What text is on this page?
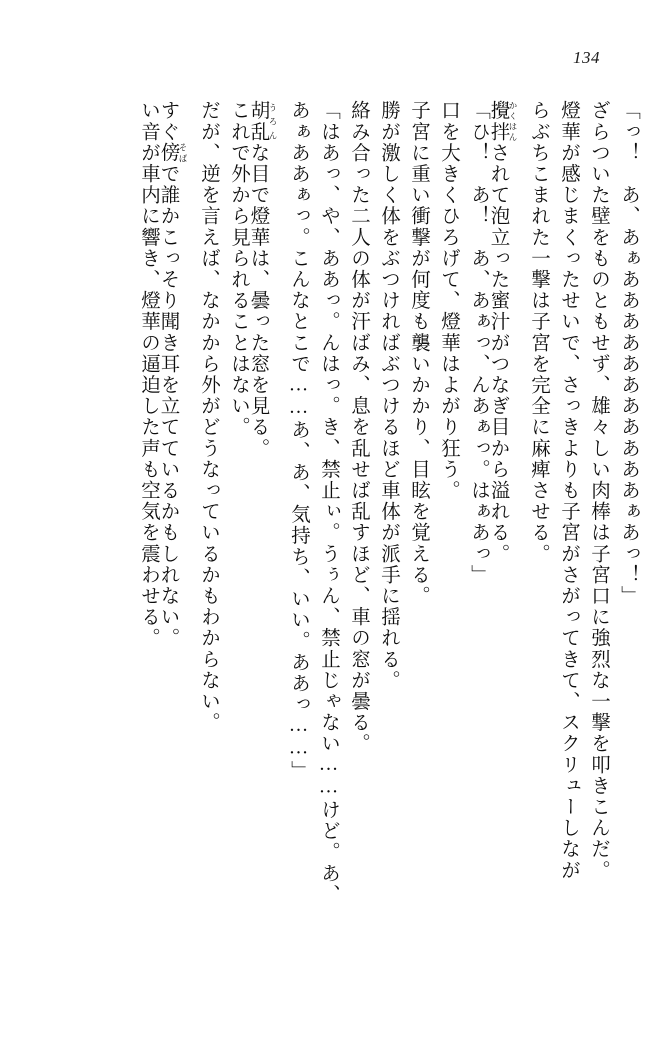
134
「っ！　あ、あぁあああああああああああぁあっ！」
ざらついた壁をものともせず、雄々しい肉棒は子宮口に強烈な一撃を叩きこんだ。
燈華が感じまくったせいで、さっきよりも子宮がさがってきて、スクリューしなが
らぶちこまれた一撃は子宮を完全に麻痺させる。
攪拌 かくはんされて泡立った蜜汁がつなぎ目から溢れる。
「ひ！　あ！　あ、あぁっ、んあぁっ。はぁあっ」
口を大きくひろげて、燈華はよがり狂う。
子宮に重い衝撃が何度も襲いかかり、目眩を覚える。
勝が激しく体をぶつければぶつけるほど車体が派手に揺れる。
絡み合った二人の体が汗ばみ、息を乱せば乱すほど、車の窓が曇る。
「はあっ、や、ああっ。んはっ。き、禁止ぃ。うぅん、禁止じゃない……けど。あ、
あぁああぁっ。こんなとこで……あ、あ、気持ち、いい。ああっ……」
胡乱 うろんな目で燈華は、曇った窓を見る。
これで外から見られることはない。
だが、逆を言えば、なかから外がどうなっているかもわからない。
すぐ傍 そばで誰かこっそり聞き耳を立てているかもしれない。
い音が車内に響き、燈華の逼迫した声も空気を震わせる。
